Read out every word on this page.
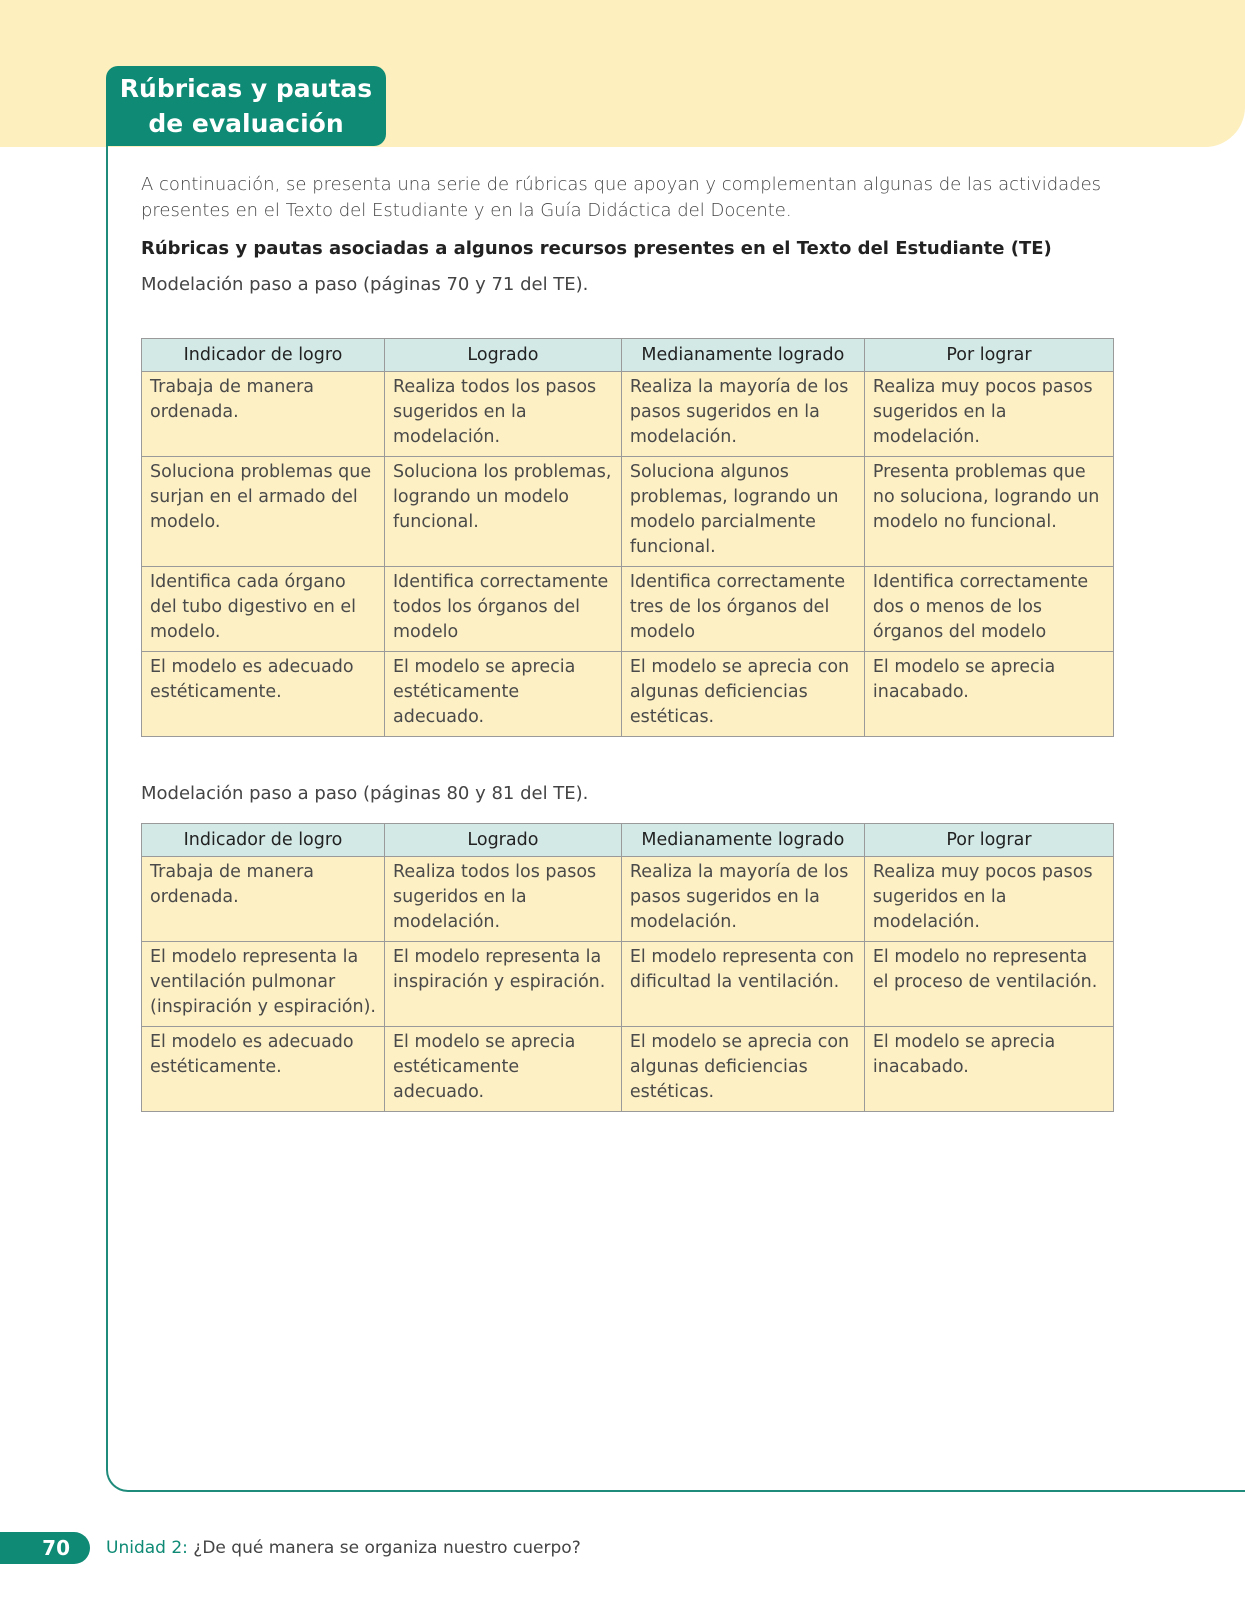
Rúbricas y pautas
de evaluación

A continuación, se presenta una serie de rúbricas que apoyan y complementan algunas de las actividades presentes en el Texto del Estudiante y en la Guía Didáctica del Docente.

Rúbricas y pautas asociadas a algunos recursos presentes en el Texto del Estudiante (TE)

Modelación paso a paso (páginas 70 y 71 del TE).

Indicador de logro	Logrado	Medianamente logrado	Por lograr
Trabaja de manera ordenada.	Realiza todos los pasos sugeridos en la modelación.	Realiza la mayoría de los pasos sugeridos en la modelación.	Realiza muy pocos pasos sugeridos en la modelación.
Soluciona problemas que surjan en el armado del modelo.	Soluciona los problemas, logrando un modelo funcional.	Soluciona algunos problemas, logrando un modelo parcialmente funcional.	Presenta problemas que no soluciona, logrando un modelo no funcional.
Identifica cada órgano del tubo digestivo en el modelo.	Identifica correctamente todos los órganos del modelo	Identifica correctamente tres de los órganos del modelo	Identifica correctamente dos o menos de los órganos del modelo
El modelo es adecuado estéticamente.	El modelo se aprecia estéticamente adecuado.	El modelo se aprecia con algunas deficiencias estéticas.	El modelo se aprecia inacabado.

Modelación paso a paso (páginas 80 y 81 del TE).

Indicador de logro	Logrado	Medianamente logrado	Por lograr
Trabaja de manera ordenada.	Realiza todos los pasos sugeridos en la modelación.	Realiza la mayoría de los pasos sugeridos en la modelación.	Realiza muy pocos pasos sugeridos en la modelación.
El modelo representa la ventilación pulmonar (inspiración y espiración).	El modelo representa la inspiración y espiración.	El modelo representa con dificultad la ventilación.	El modelo no representa el proceso de ventilación.
El modelo es adecuado estéticamente.	El modelo se aprecia estéticamente adecuado.	El modelo se aprecia con algunas deficiencias estéticas.	El modelo se aprecia inacabado.
70	Unidad 2: ¿De qué manera se organiza nuestro cuerpo?
